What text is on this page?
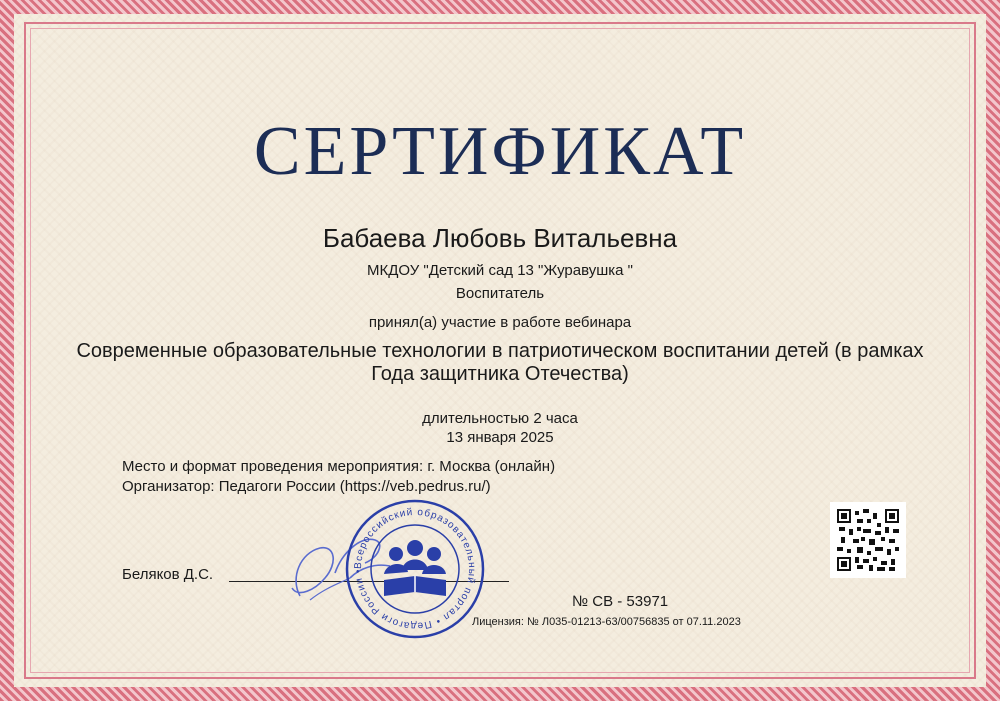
СЕРТИФИКАТ
Бабаева Любовь Витальевна
МКДОУ "Детский сад 13 "Журавушка "
Воспитатель
принял(а) участие в работе вебинара
Современные образовательные технологии в патриотическом воспитании детей (в рамках Года защитника Отечества)
длительностью 2 часа
13 января 2025
Место и формат проведения мероприятия: г. Москва (онлайн)
Организатор: Педагоги России (https://veb.pedrus.ru/)
Беляков Д.С.
Всероссийский образовательный портал • Педагоги России •
№ СВ - 53971
Лицензия: № Л035-01213-63/00756835 от 07.11.2023
